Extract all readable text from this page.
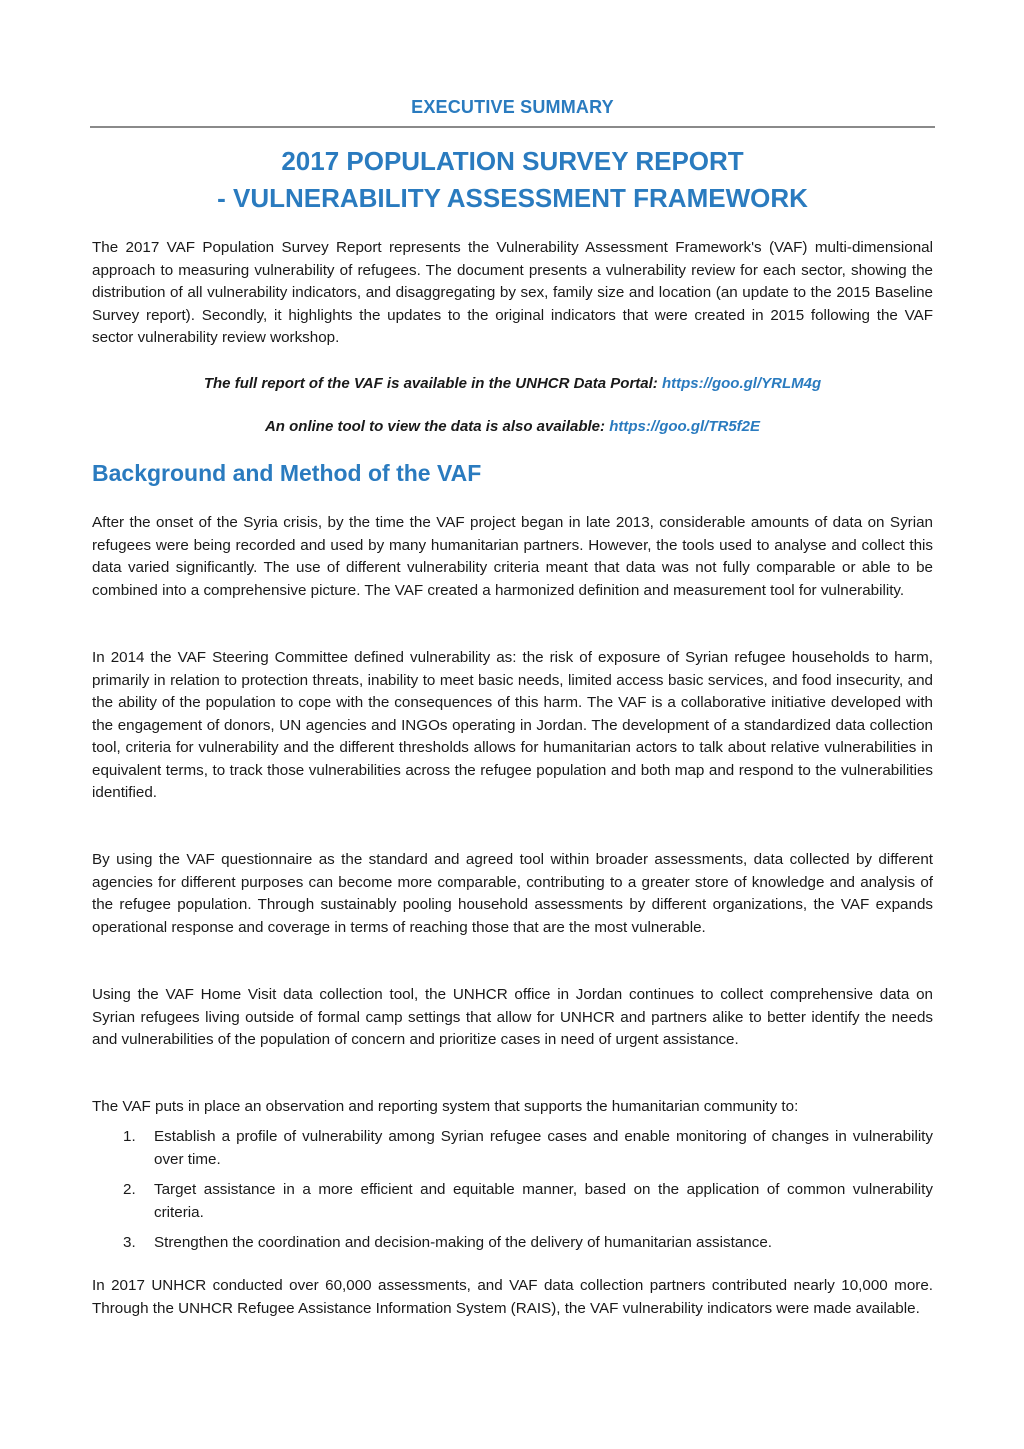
EXECUTIVE SUMMARY
2017 POPULATION SURVEY REPORT
- VULNERABILITY ASSESSMENT FRAMEWORK
The 2017 VAF Population Survey Report represents the Vulnerability Assessment Framework's (VAF) multi-dimensional approach to measuring vulnerability of refugees. The document presents a vulnerability review for each sector, showing the distribution of all vulnerability indicators, and disaggregating by sex, family size and location (an update to the 2015 Baseline Survey report). Secondly, it highlights the updates to the original indicators that were created in 2015 following the VAF sector vulnerability review workshop.
The full report of the VAF is available in the UNHCR Data Portal: https://goo.gl/YRLM4g
An online tool to view the data is also available: https://goo.gl/TR5f2E
Background and Method of the VAF
After the onset of the Syria crisis, by the time the VAF project began in late 2013, considerable amounts of data on Syrian refugees were being recorded and used by many humanitarian partners. However, the tools used to analyse and collect this data varied significantly. The use of different vulnerability criteria meant that data was not fully comparable or able to be combined into a comprehensive picture. The VAF created a harmonized definition and measurement tool for vulnerability.
In 2014 the VAF Steering Committee defined vulnerability as: the risk of exposure of Syrian refugee households to harm, primarily in relation to protection threats, inability to meet basic needs, limited access basic services, and food insecurity, and the ability of the population to cope with the consequences of this harm. The VAF is a collaborative initiative developed with the engagement of donors, UN agencies and INGOs operating in Jordan. The development of a standardized data collection tool, criteria for vulnerability and the different thresholds allows for humanitarian actors to talk about relative vulnerabilities in equivalent terms, to track those vulnerabilities across the refugee population and both map and respond to the vulnerabilities identified.
By using the VAF questionnaire as the standard and agreed tool within broader assessments, data collected by different agencies for different purposes can become more comparable, contributing to a greater store of knowledge and analysis of the refugee population. Through sustainably pooling household assessments by different organizations, the VAF expands operational response and coverage in terms of reaching those that are the most vulnerable.
Using the VAF Home Visit data collection tool, the UNHCR office in Jordan continues to collect comprehensive data on Syrian refugees living outside of formal camp settings that allow for UNHCR and partners alike to better identify the needs and vulnerabilities of the population of concern and prioritize cases in need of urgent assistance.
The VAF puts in place an observation and reporting system that supports the humanitarian community to:
1. Establish a profile of vulnerability among Syrian refugee cases and enable monitoring of changes in vulnerability over time.
2. Target assistance in a more efficient and equitable manner, based on the application of common vulnerability criteria.
3. Strengthen the coordination and decision-making of the delivery of humanitarian assistance.
In 2017 UNHCR conducted over 60,000 assessments, and VAF data collection partners contributed nearly 10,000 more. Through the UNHCR Refugee Assistance Information System (RAIS), the VAF vulnerability indicators were made available.
